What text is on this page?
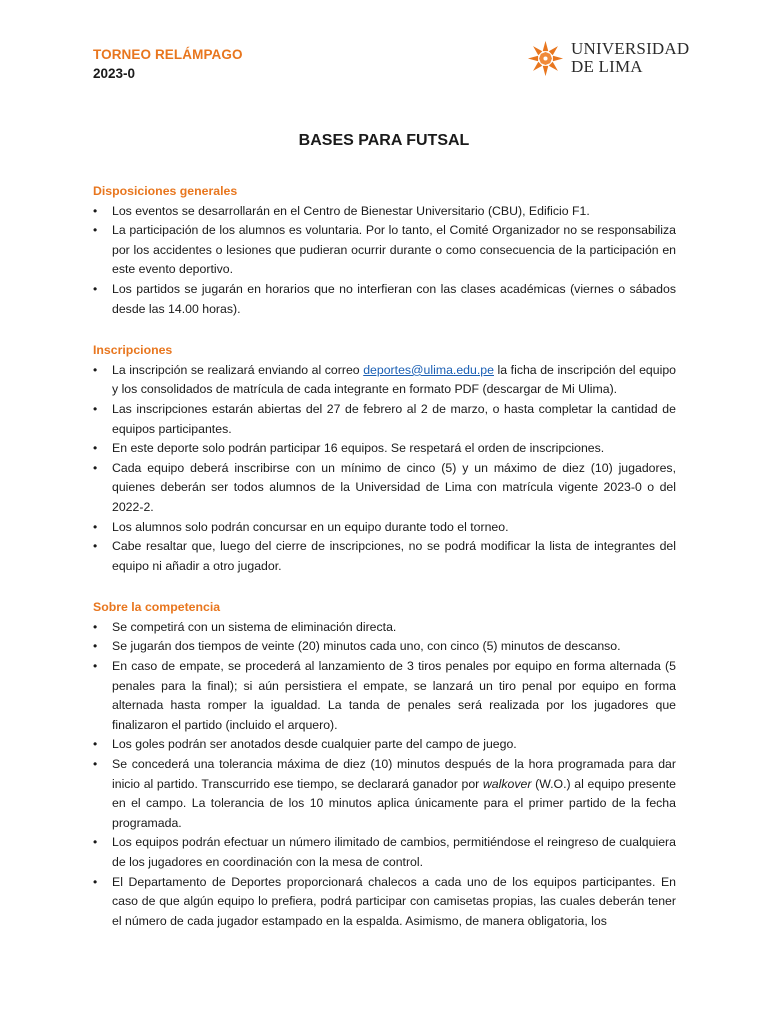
TORNEO RELÁMPAGO
2023-0
UNIVERSIDAD
DE LIMA
BASES PARA FUTSAL
Disposiciones generales
• Los eventos se desarrollarán en el Centro de Bienestar Universitario (CBU), Edificio F1.
• La participación de los alumnos es voluntaria. Por lo tanto, el Comité Organizador no se responsabiliza por los accidentes o lesiones que pudieran ocurrir durante o como consecuencia de la participación en este evento deportivo.
• Los partidos se jugarán en horarios que no interfieran con las clases académicas (viernes o sábados desde las 14.00 horas).
Inscripciones
• La inscripción se realizará enviando al correo deportes@ulima.edu.pe la ficha de inscripción del equipo y los consolidados de matrícula de cada integrante en formato PDF (descargar de Mi Ulima).
• Las inscripciones estarán abiertas del 27 de febrero al 2 de marzo, o hasta completar la cantidad de equipos participantes.
• En este deporte solo podrán participar 16 equipos. Se respetará el orden de inscripciones.
• Cada equipo deberá inscribirse con un mínimo de cinco (5) y un máximo de diez (10) jugadores, quienes deberán ser todos alumnos de la Universidad de Lima con matrícula vigente 2023-0 o del 2022-2.
• Los alumnos solo podrán concursar en un equipo durante todo el torneo.
• Cabe resaltar que, luego del cierre de inscripciones, no se podrá modificar la lista de integrantes del equipo ni añadir a otro jugador.
Sobre la competencia
• Se competirá con un sistema de eliminación directa.
• Se jugarán dos tiempos de veinte (20) minutos cada uno, con cinco (5) minutos de descanso.
• En caso de empate, se procederá al lanzamiento de 3 tiros penales por equipo en forma alternada (5 penales para la final); si aún persistiera el empate, se lanzará un tiro penal por equipo en forma alternada hasta romper la igualdad. La tanda de penales será realizada por los jugadores que finalizaron el partido (incluido el arquero).
• Los goles podrán ser anotados desde cualquier parte del campo de juego.
• Se concederá una tolerancia máxima de diez (10) minutos después de la hora programada para dar inicio al partido. Transcurrido ese tiempo, se declarará ganador por walkover (W.O.) al equipo presente en el campo. La tolerancia de los 10 minutos aplica únicamente para el primer partido de la fecha programada.
• Los equipos podrán efectuar un número ilimitado de cambios, permitiéndose el reingreso de cualquiera de los jugadores en coordinación con la mesa de control.
• El Departamento de Deportes proporcionará chalecos a cada uno de los equipos participantes. En caso de que algún equipo lo prefiera, podrá participar con camisetas propias, las cuales deberán tener el número de cada jugador estampado en la espalda. Asimismo, de manera obligatoria, los
